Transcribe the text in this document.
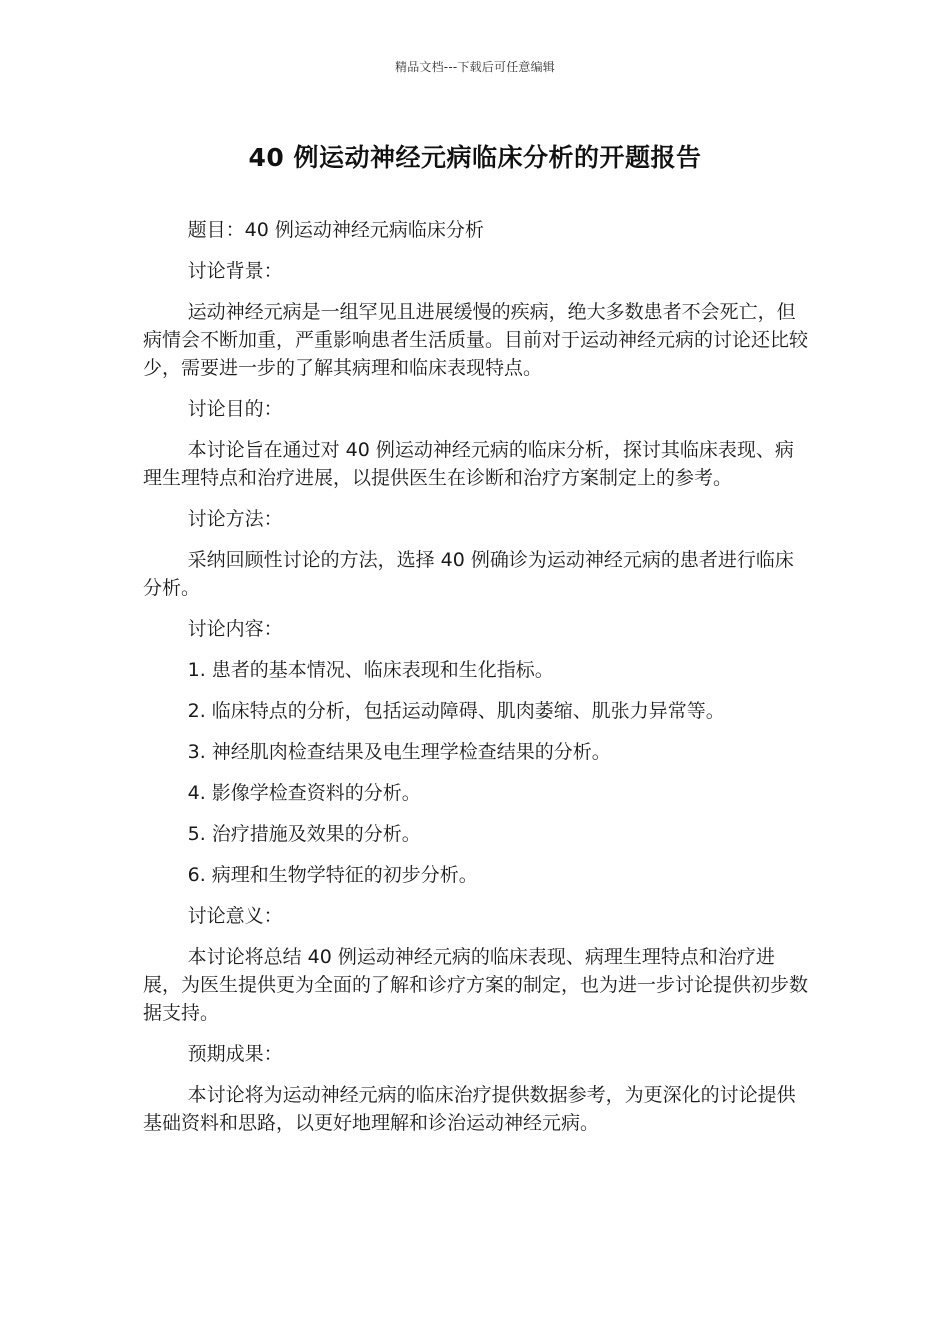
精品文档---下载后可任意编辑
40 例运动神经元病临床分析的开题报告

题目：40 例运动神经元病临床分析

讨论背景：

运动神经元病是一组罕见且进展缓慢的疾病，绝大多数患者不会死亡，但病情会不断加重，严重影响患者生活质量。目前对于运动神经元病的讨论还比较少，需要进一步的了解其病理和临床表现特点。

讨论目的：

本讨论旨在通过对 40 例运动神经元病的临床分析，探讨其临床表现、病理生理特点和治疗进展，以提供医生在诊断和治疗方案制定上的参考。

讨论方法：

采纳回顾性讨论的方法，选择 40 例确诊为运动神经元病的患者进行临床分析。

讨论内容：

1. 患者的基本情况、临床表现和生化指标。

2. 临床特点的分析，包括运动障碍、肌肉萎缩、肌张力异常等。

3. 神经肌肉检查结果及电生理学检查结果的分析。

4. 影像学检查资料的分析。

5. 治疗措施及效果的分析。

6. 病理和生物学特征的初步分析。

讨论意义：

本讨论将总结 40 例运动神经元病的临床表现、病理生理特点和治疗进展，为医生提供更为全面的了解和诊疗方案的制定，也为进一步讨论提供初步数据支持。

预期成果：

本讨论将为运动神经元病的临床治疗提供数据参考，为更深化的讨论提供基础资料和思路，以更好地理解和诊治运动神经元病。
